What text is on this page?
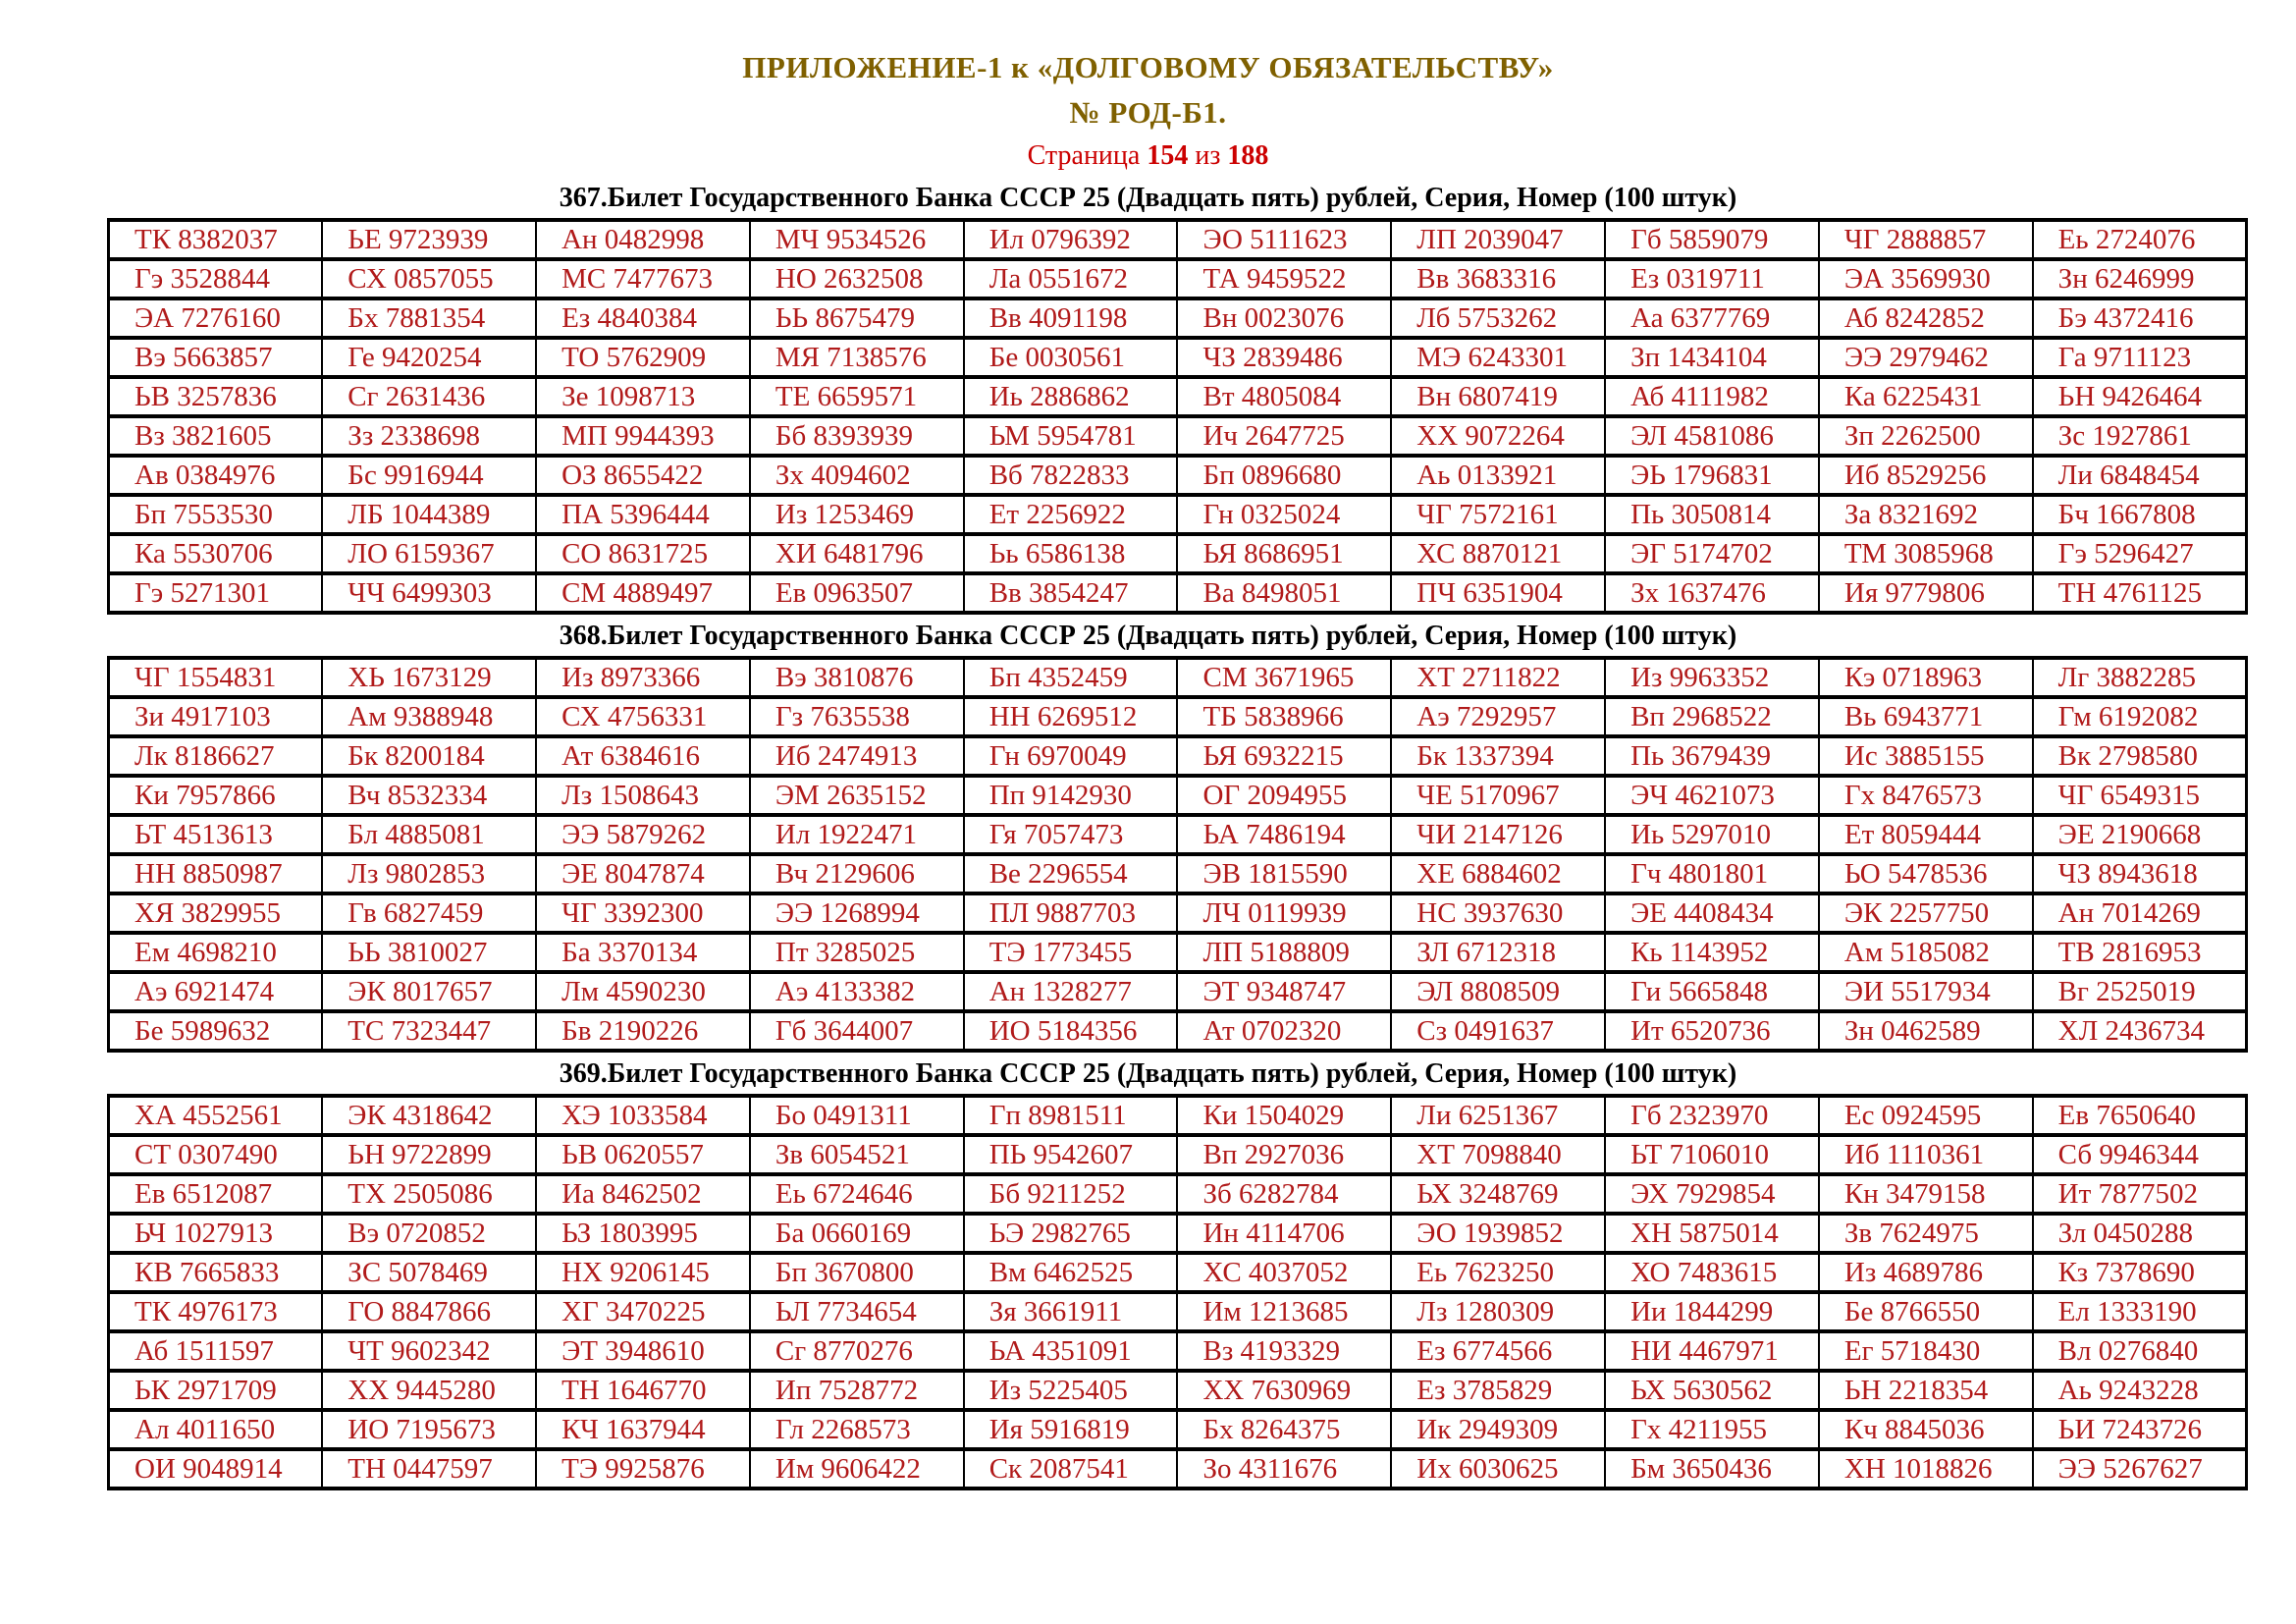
ПРИЛОЖЕНИЕ-1 к «ДОЛГОВОМУ ОБЯЗАТЕЛЬСТВУ»
№ РОД-Б1.
Страница 154 из 188
367.Билет Государственного Банка СССР 25 (Двадцать пять) рублей, Серия, Номер (100 штук)
ТК 8382037	ЬЕ 9723939	Ан 0482998	МЧ 9534526	Ил 0796392	ЭО 5111623	ЛП 2039047	Гб 5859079	ЧГ 2888857	Еь 2724076
Гэ 3528844	СХ 0857055	МС 7477673	НО 2632508	Ла 0551672	ТА 9459522	Вв 3683316	Ез 0319711	ЭА 3569930	Зн 6246999
ЭА 7276160	Бх 7881354	Ез 4840384	ЬЬ 8675479	Вв 4091198	Вн 0023076	Лб 5753262	Аа 6377769	Аб 8242852	Бэ 4372416
Вэ 5663857	Ге 9420254	ТО 5762909	МЯ 7138576	Бе 0030561	ЧЗ 2839486	МЭ 6243301	Зп 1434104	ЭЭ 2979462	Га 9711123
ЬВ 3257836	Сг 2631436	Зе 1098713	ТЕ 6659571	Иь 2886862	Вт 4805084	Вн 6807419	Аб 4111982	Ка 6225431	ЬН 9426464
Вз 3821605	Зз 2338698	МП 9944393	Бб 8393939	ЬМ 5954781	Ич 2647725	ХХ 9072264	ЭЛ 4581086	Зп 2262500	Зс 1927861
Ав 0384976	Бс 9916944	ОЗ 8655422	Зх 4094602	Вб 7822833	Бп 0896680	Аь 0133921	ЭЬ 1796831	Иб 8529256	Ли 6848454
Бп 7553530	ЛБ 1044389	ПА 5396444	Из 1253469	Ет 2256922	Гн 0325024	ЧГ 7572161	Пь 3050814	За 8321692	Бч 1667808
Ка 5530706	ЛО 6159367	СО 8631725	ХИ 6481796	Ьь 6586138	ЬЯ 8686951	ХС 8870121	ЭГ 5174702	ТМ 3085968	Гэ 5296427
Гэ 5271301	ЧЧ 6499303	СМ 4889497	Ев 0963507	Вв 3854247	Ва 8498051	ПЧ 6351904	Зх 1637476	Ия 9779806	ТН 4761125
368.Билет Государственного Банка СССР 25 (Двадцать пять) рублей, Серия, Номер (100 штук)
ЧГ 1554831	ХЬ 1673129	Из 8973366	Вэ 3810876	Бп 4352459	СМ 3671965	ХТ 2711822	Из 9963352	Кэ 0718963	Лг 3882285
Зи 4917103	Ам 9388948	СХ 4756331	Гз 7635538	НН 6269512	ТБ 5838966	Аэ 7292957	Вп 2968522	Вь 6943771	Гм 6192082
Лк 8186627	Бк 8200184	Ат 6384616	Иб 2474913	Гн 6970049	ЬЯ 6932215	Бк 1337394	Пь 3679439	Ис 3885155	Вк 2798580
Ки 7957866	Вч 8532334	Лз 1508643	ЭМ 2635152	Пп 9142930	ОГ 2094955	ЧЕ 5170967	ЭЧ 4621073	Гх 8476573	ЧГ 6549315
ЬТ 4513613	Бл 4885081	ЭЭ 5879262	Ил 1922471	Гя 7057473	ЬА 7486194	ЧИ 2147126	Иь 5297010	Ет 8059444	ЭЕ 2190668
НН 8850987	Лз 9802853	ЭЕ 8047874	Вч 2129606	Ве 2296554	ЭВ 1815590	ХЕ 6884602	Гч 4801801	ЬО 5478536	ЧЗ 8943618
ХЯ 3829955	Гв 6827459	ЧГ 3392300	ЭЭ 1268994	ПЛ 9887703	ЛЧ 0119939	НС 3937630	ЭЕ 4408434	ЭК 2257750	Ан 7014269
Ем 4698210	ЬЬ 3810027	Ба 3370134	Пт 3285025	ТЭ 1773455	ЛП 5188809	ЗЛ 6712318	Кь 1143952	Ам 5185082	ТВ 2816953
Аэ 6921474	ЭК 8017657	Лм 4590230	Аэ 4133382	Ан 1328277	ЭТ 9348747	ЭЛ 8808509	Ги 5665848	ЭИ 5517934	Вг 2525019
Бе 5989632	ТС 7323447	Бв 2190226	Гб 3644007	ИО 5184356	Ат 0702320	Сз 0491637	Ит 6520736	Зн 0462589	ХЛ 2436734
369.Билет Государственного Банка СССР 25 (Двадцать пять) рублей, Серия, Номер (100 штук)
ХА 4552561	ЭК 4318642	ХЭ 1033584	Бо 0491311	Гп 8981511	Ки 1504029	Ли 6251367	Гб 2323970	Ес 0924595	Ев 7650640
СТ 0307490	ЬН 9722899	ЬВ 0620557	Зв 6054521	ПЬ 9542607	Вп 2927036	ХТ 7098840	ЬТ 7106010	Иб 1110361	Сб 9946344
Ев 6512087	ТХ 2505086	Иа 8462502	Еь 6724646	Бб 9211252	Зб 6282784	ЬХ 3248769	ЭХ 7929854	Кн 3479158	Ит 7877502
ЬЧ 1027913	Вэ 0720852	ЬЗ 1803995	Ба 0660169	ЬЭ 2982765	Ин 4114706	ЭО 1939852	ХН 5875014	Зв 7624975	Зл 0450288
КВ 7665833	ЗС 5078469	НХ 9206145	Бп 3670800	Вм 6462525	ХС 4037052	Еь 7623250	ХО 7483615	Из 4689786	Кз 7378690
ТК 4976173	ГО 8847866	ХГ 3470225	ЬЛ 7734654	Зя 3661911	Им 1213685	Лз 1280309	Ии 1844299	Бе 8766550	Ел 1333190
Аб 1511597	ЧТ 9602342	ЭТ 3948610	Сг 8770276	ЬА 4351091	Вз 4193329	Ез 6774566	НИ 4467971	Ег 5718430	Вл 0276840
ЬК 2971709	ХХ 9445280	ТН 1646770	Ип 7528772	Из 5225405	ХХ 7630969	Ез 3785829	ЬХ 5630562	ЬН 2218354	Аь 9243228
Ал 4011650	ИО 7195673	КЧ 1637944	Гл 2268573	Ия 5916819	Бх 8264375	Ик 2949309	Гх 4211955	Кч 8845036	ЬИ 7243726
ОИ 9048914	ТН 0447597	ТЭ 9925876	Им 9606422	Ск 2087541	Зо 4311676	Их 6030625	Бм 3650436	ХН 1018826	ЭЭ 5267627
